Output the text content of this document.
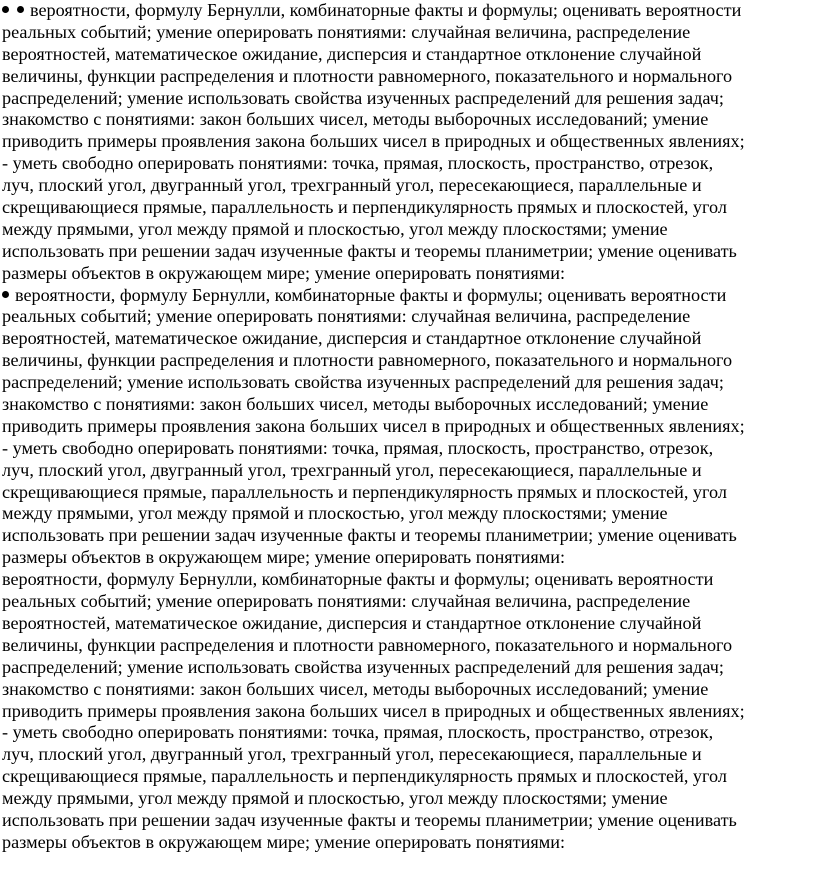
вероятности, формулу Бернулли, комбинаторные факты и формулы; оценивать вероятности
реальных событий; умение оперировать понятиями: случайная величина, распределение
вероятностей, математическое ожидание, дисперсия и стандартное отклонение случайной
величины, функции распределения и плотности равномерного, показательного и нормального
распределений; умение использовать свойства изученных распределений для решения задач;
знакомство с понятиями: закон больших чисел, методы выборочных исследований; умение
приводить примеры проявления закона больших чисел в природных и общественных явлениях;
- уметь свободно оперировать понятиями: точка, прямая, плоскость, пространство, отрезок,
луч, плоский угол, двугранный угол, трехгранный угол, пересекающиеся, параллельные и
скрещивающиеся прямые, параллельность и перпендикулярность прямых и плоскостей, угол
между прямыми, угол между прямой и плоскостью, угол между плоскостями; умение
использовать при решении задач изученные факты и теоремы планиметрии; умение оценивать
размеры объектов в окружающем мире; умение оперировать понятиями:
вероятности, формулу Бернулли, комбинаторные факты и формулы; оценивать вероятности
реальных событий; умение оперировать понятиями: случайная величина, распределение
вероятностей, математическое ожидание, дисперсия и стандартное отклонение случайной
величины, функции распределения и плотности равномерного, показательного и нормального
распределений; умение использовать свойства изученных распределений для решения задач;
знакомство с понятиями: закон больших чисел, методы выборочных исследований; умение
приводить примеры проявления закона больших чисел в природных и общественных явлениях;
- уметь свободно оперировать понятиями: точка, прямая, плоскость, пространство, отрезок,
луч, плоский угол, двугранный угол, трехгранный угол, пересекающиеся, параллельные и
скрещивающиеся прямые, параллельность и перпендикулярность прямых и плоскостей, угол
между прямыми, угол между прямой и плоскостью, угол между плоскостями; умение
использовать при решении задач изученные факты и теоремы планиметрии; умение оценивать
размеры объектов в окружающем мире; умение оперировать понятиями:
вероятности, формулу Бернулли, комбинаторные факты и формулы; оценивать вероятности
реальных событий; умение оперировать понятиями: случайная величина, распределение
вероятностей, математическое ожидание, дисперсия и стандартное отклонение случайной
величины, функции распределения и плотности равномерного, показательного и нормального
распределений; умение использовать свойства изученных распределений для решения задач;
знакомство с понятиями: закон больших чисел, методы выборочных исследований; умение
приводить примеры проявления закона больших чисел в природных и общественных явлениях;
- уметь свободно оперировать понятиями: точка, прямая, плоскость, пространство, отрезок,
луч, плоский угол, двугранный угол, трехгранный угол, пересекающиеся, параллельные и
скрещивающиеся прямые, параллельность и перпендикулярность прямых и плоскостей, угол
между прямыми, угол между прямой и плоскостью, угол между плоскостями; умение
использовать при решении задач изученные факты и теоремы планиметрии; умение оценивать
размеры объектов в окружающем мире; умение оперировать понятиями:
